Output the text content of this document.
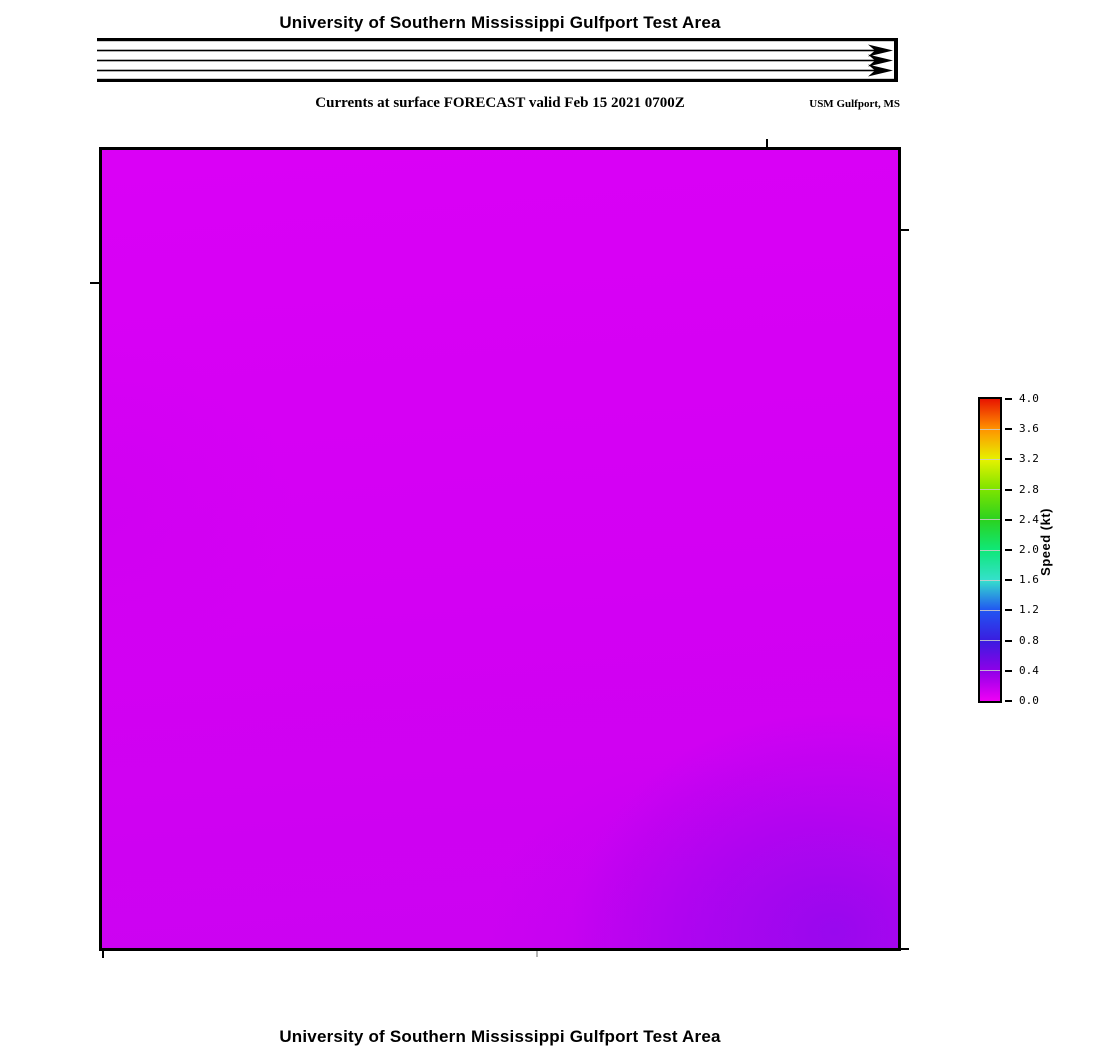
University of Southern Mississippi Gulfport Test Area
Currents at surface FORECAST valid Feb 15 2021 0700Z	USM Gulfport, MS
4.0
3.6
3.2
2.8
2.4
2.0
1.6
1.2
0.8
0.4
0.0
Speed (kt)
University of Southern Mississippi Gulfport Test Area
